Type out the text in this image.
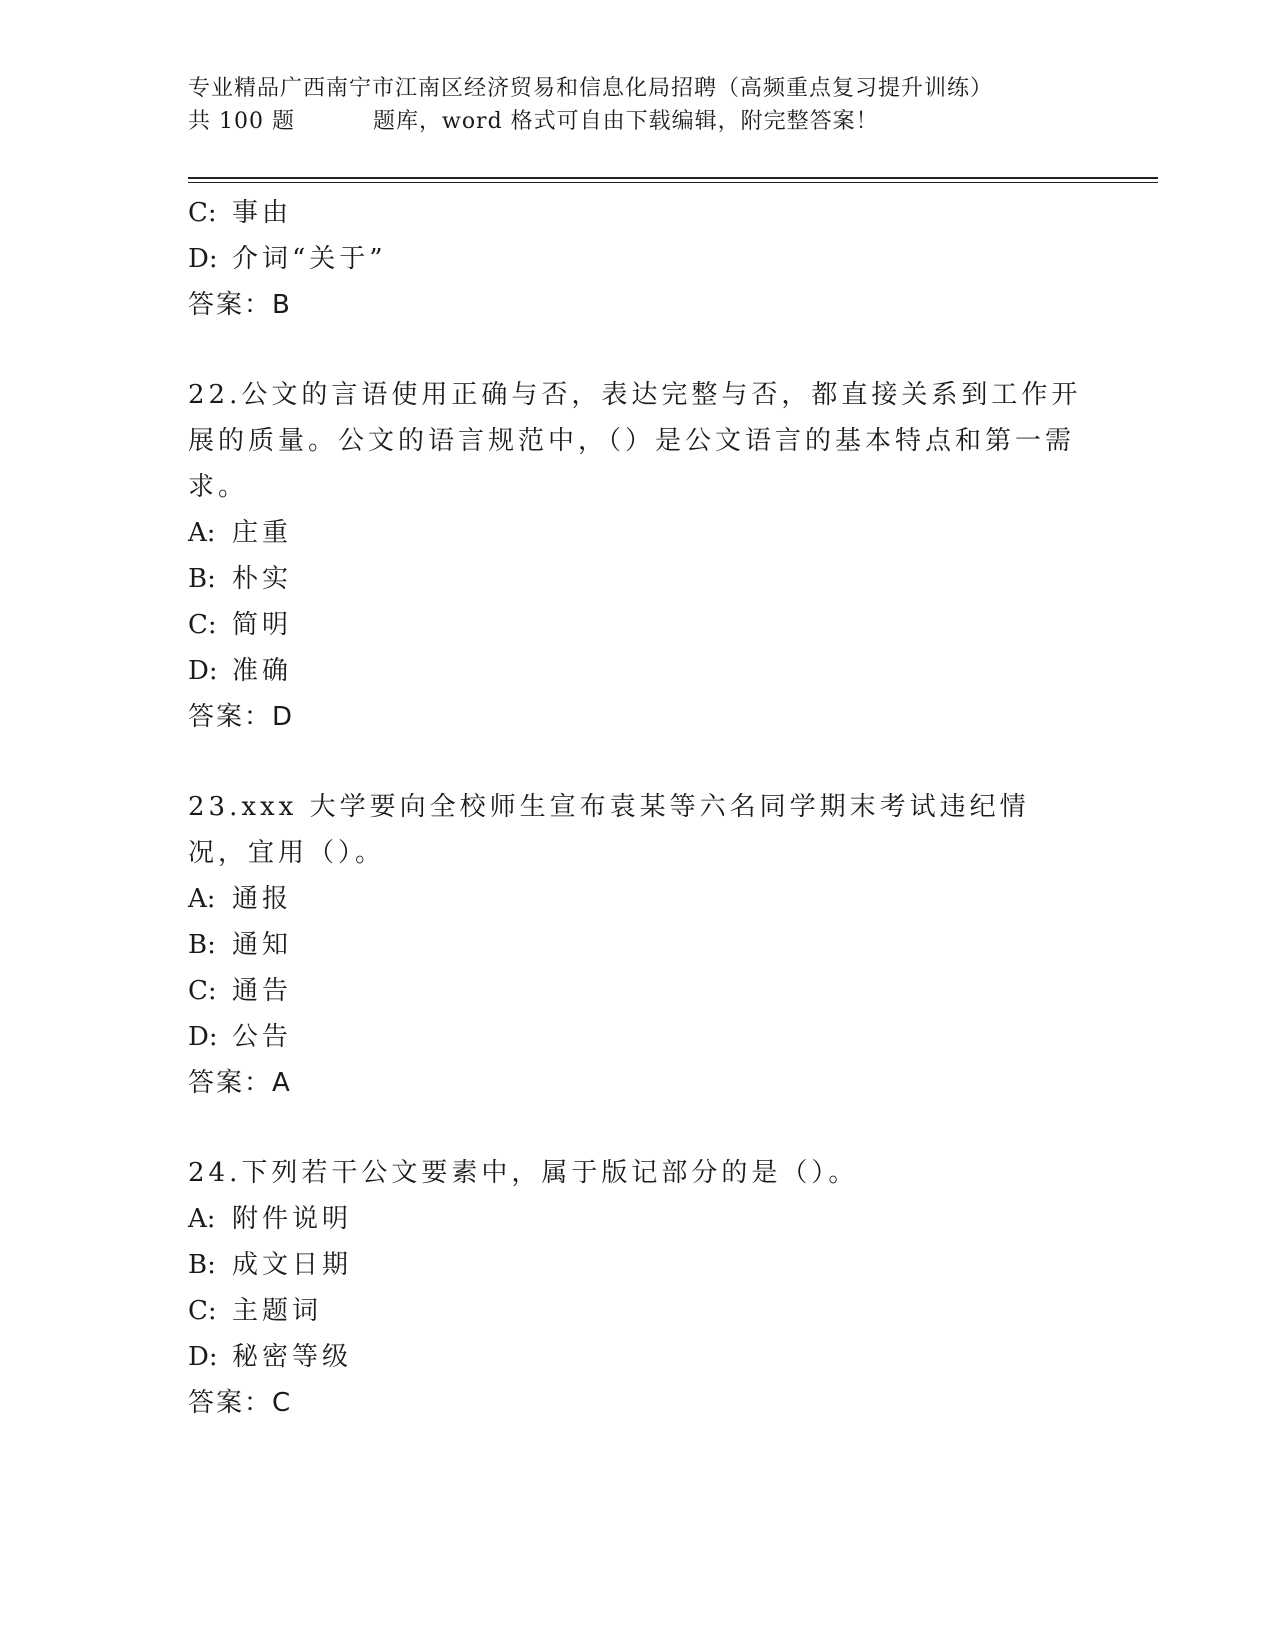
专业精品广西南宁市江南区经济贸易和信息化局招聘（高频重点复习提升训练）
共 100 题	题库，word 格式可自由下载编辑，附完整答案！

C: 事由

D: 介词“关于”

答案：B

22.公文的言语使用正确与否，表达完整与否，都直接关系到工作开展的质量。公文的语言规范中，（）是公文语言的基本特点和第一需求。

A: 庄重

B: 朴实

C: 简明

D: 准确

答案：D

23.xxx 大学要向全校师生宣布袁某等六名同学期末考试违纪情况，宜用（）。

A: 通报

B: 通知

C: 通告

D: 公告

答案：A

24.下列若干公文要素中，属于版记部分的是（）。

A: 附件说明

B: 成文日期

C: 主题词

D: 秘密等级

答案：C
